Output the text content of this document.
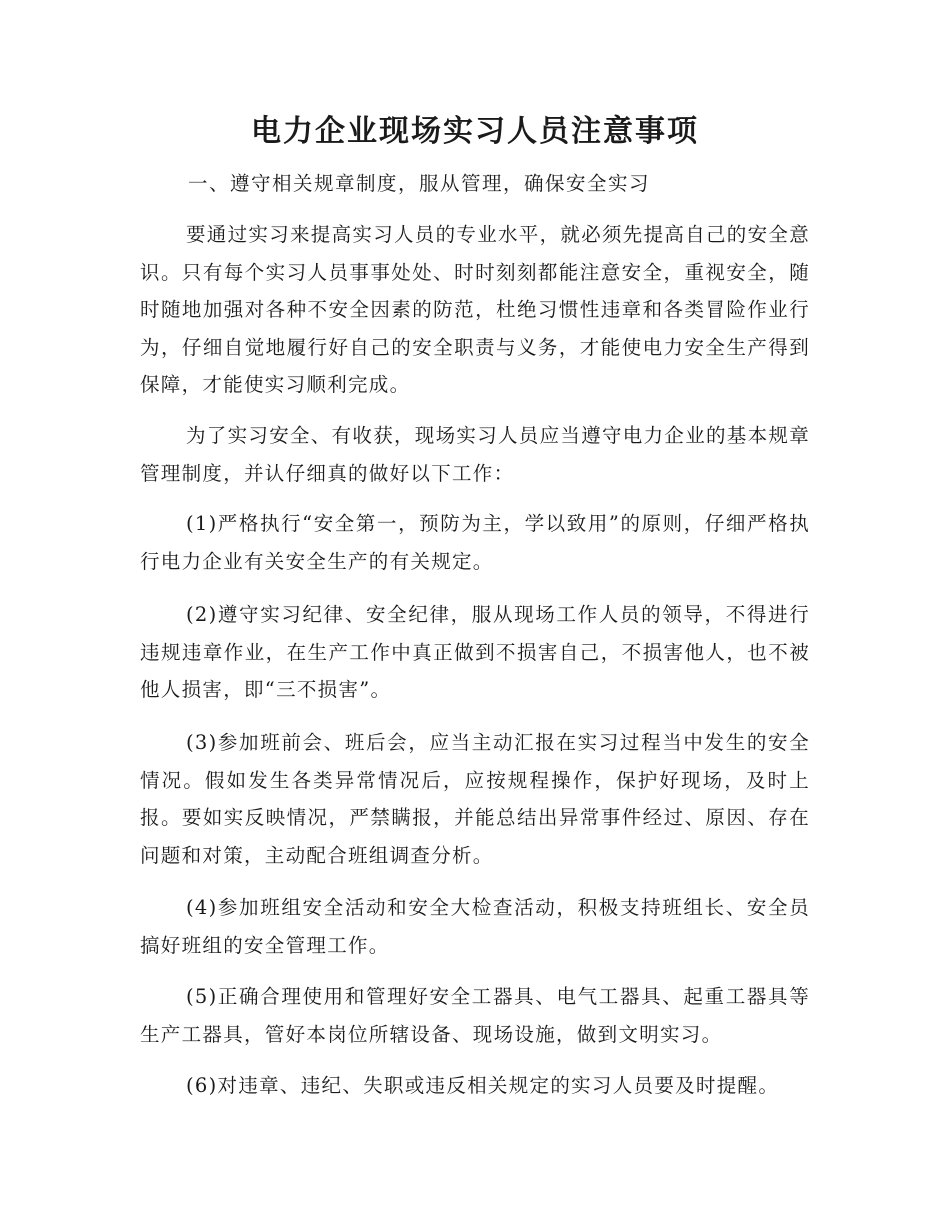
电力企业现场实习人员注意事项

一、遵守相关规章制度，服从管理，确保安全实习

要通过实习来提高实习人员的专业水平，就必须先提高自己的安全意识。只有每个实习人员事事处处、时时刻刻都能注意安全，重视安全，随时随地加强对各种不安全因素的防范，杜绝习惯性违章和各类冒险作业行为，仔细自觉地履行好自己的安全职责与义务，才能使电力安全生产得到保障，才能使实习顺利完成。

为了实习安全、有收获，现场实习人员应当遵守电力企业的基本规章管理制度，并认仔细真的做好以下工作：

(1)严格执行“安全第一，预防为主，学以致用”的原则，仔细严格执行电力企业有关安全生产的有关规定。

(2)遵守实习纪律、安全纪律，服从现场工作人员的领导，不得进行违规违章作业，在生产工作中真正做到不损害自己，不损害他人，也不被他人损害，即“三不损害”。

(3)参加班前会、班后会，应当主动汇报在实习过程当中发生的安全情况。假如发生各类异常情况后，应按规程操作，保护好现场，及时上报。要如实反映情况，严禁瞒报，并能总结出异常事件经过、原因、存在问题和对策，主动配合班组调查分析。

(4)参加班组安全活动和安全大检查活动，积极支持班组长、安全员搞好班组的安全管理工作。

(5)正确合理使用和管理好安全工器具、电气工器具、起重工器具等生产工器具，管好本岗位所辖设备、现场设施，做到文明实习。

(6)对违章、违纪、失职或违反相关规定的实习人员要及时提醒。
